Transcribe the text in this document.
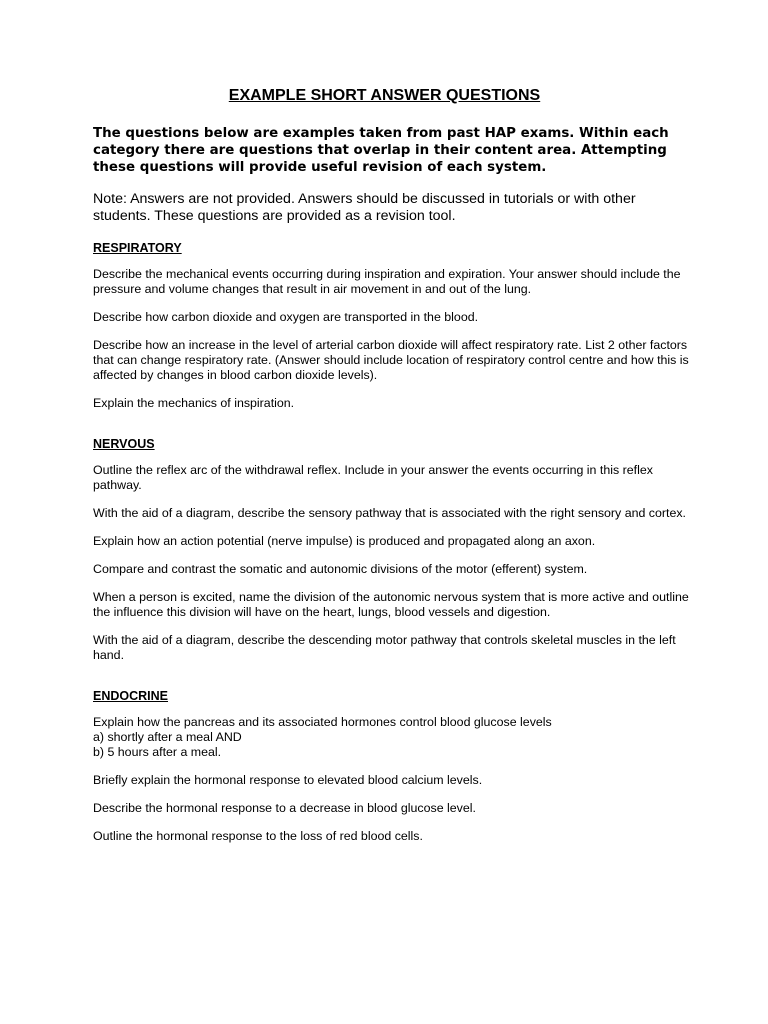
EXAMPLE SHORT ANSWER QUESTIONS

The questions below are examples taken from past HAP exams. Within each category there are questions that overlap in their content area. Attempting these questions will provide useful revision of each system.

Note: Answers are not provided. Answers should be discussed in tutorials or with other students. These questions are provided as a revision tool.

RESPIRATORY

Describe the mechanical events occurring during inspiration and expiration. Your answer should include the pressure and volume changes that result in air movement in and out of the lung.

Describe how carbon dioxide and oxygen are transported in the blood.

Describe how an increase in the level of arterial carbon dioxide will affect respiratory rate. List 2 other factors that can change respiratory rate. (Answer should include location of respiratory control centre and how this is affected by changes in blood carbon dioxide levels).

Explain the mechanics of inspiration.

NERVOUS

Outline the reflex arc of the withdrawal reflex. Include in your answer the events occurring in this reflex pathway.

With the aid of a diagram, describe the sensory pathway that is associated with the right sensory and cortex.

Explain how an action potential (nerve impulse) is produced and propagated along an axon.

Compare and contrast the somatic and autonomic divisions of the motor (efferent) system.

When a person is excited, name the division of the autonomic nervous system that is more active and outline the influence this division will have on the heart, lungs, blood vessels and digestion.

With the aid of a diagram, describe the descending motor pathway that controls skeletal muscles in the left hand.

ENDOCRINE

Explain how the pancreas and its associated hormones control blood glucose levels
a) shortly after a meal AND
b) 5 hours after a meal.

Briefly explain the hormonal response to elevated blood calcium levels.

Describe the hormonal response to a decrease in blood glucose level.

Outline the hormonal response to the loss of red blood cells.
